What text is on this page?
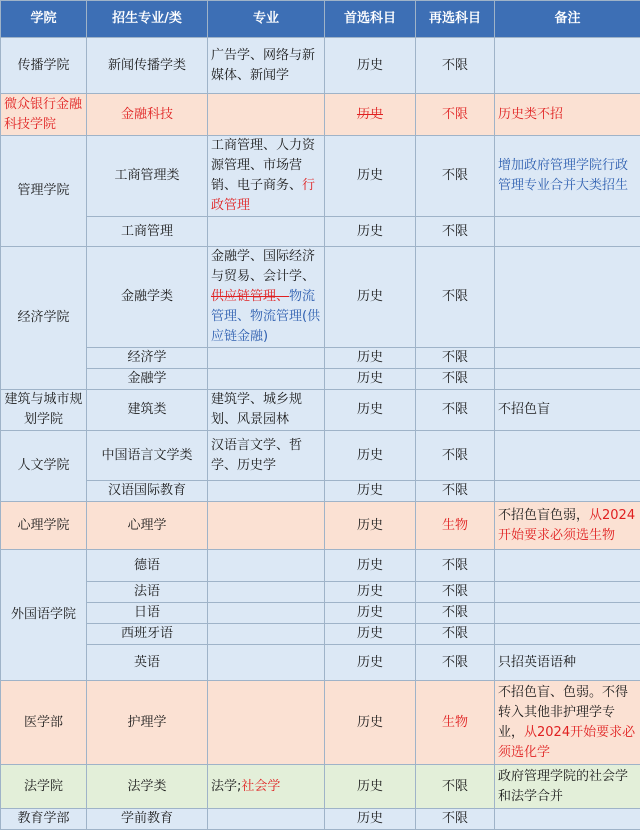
学院	招生专业/类	专业	首选科目	再选科目	备注
传播学院	新闻传播学类	广告学、网络与新媒体、新闻学	历史	不限	
微众银行金融科技学院	金融科技		历史	不限	历史类不招
管理学院	工商管理类	工商管理、人力资源管理、市场营销、电子商务、行政管理	历史	不限	增加政府管理学院行政管理专业合并大类招生
	工商管理		历史	不限	
经济学院	金融学类	金融学、国际经济与贸易、会计学、供应链管理、物流管理、物流管理(供应链金融)	历史	不限	
	经济学		历史	不限	
	金融学		历史	不限	
建筑与城市规划学院	建筑类	建筑学、城乡规划、风景园林	历史	不限	不招色盲
人文学院	中国语言文学类	汉语言文学、哲学、历史学	历史	不限	
	汉语国际教育		历史	不限	
心理学院	心理学		历史	生物	不招色盲色弱，从2024开始要求必须选生物
外国语学院	德语		历史	不限	
	法语		历史	不限	
	日语		历史	不限	
	西班牙语		历史	不限	
	英语		历史	不限	只招英语语种
医学部	护理学		历史	生物	不招色盲、色弱。不得转入其他非护理学专业，从2024开始要求必须选化学
法学院	法学类	法学;社会学	历史	不限	政府管理学院的社会学和法学合并
教育学部	学前教育		历史	不限	
